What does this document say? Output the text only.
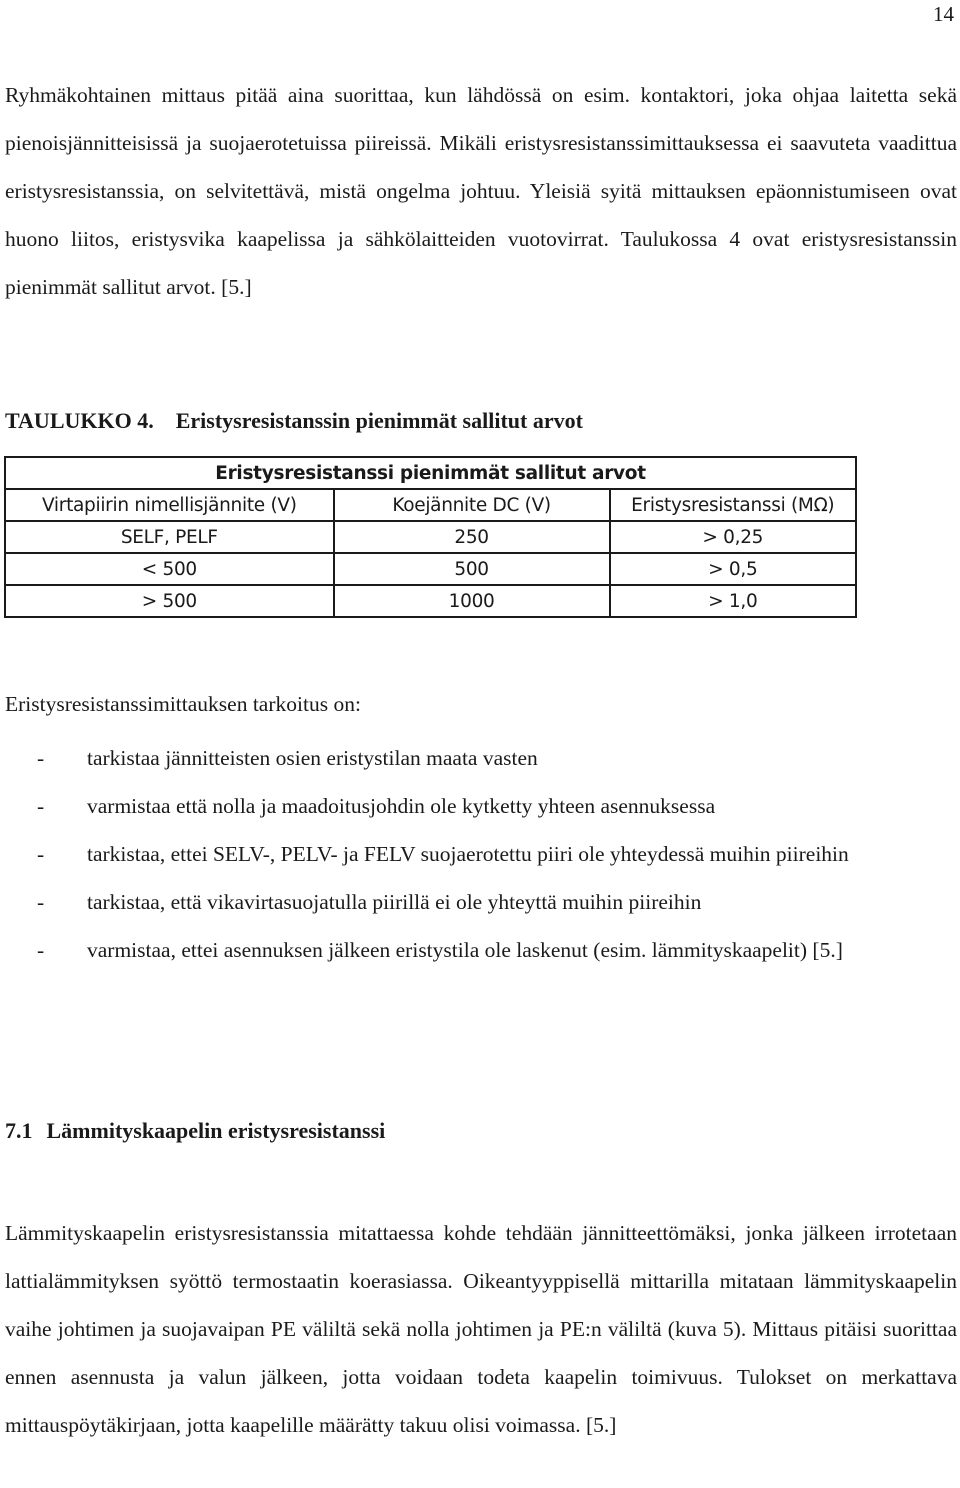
14

Ryhmäkohtainen mittaus pitää aina suorittaa, kun lähdössä on esim. kontaktori, joka ohjaa laitetta sekä pienoisjännitteisissä ja suojaerotetuissa piireissä. Mikäli eristysresistanssimittauksessa ei saavuteta vaadittua eristysresistanssia, on selvitettävä, mistä ongelma johtuu. Yleisiä syitä mittauksen epäonnistumiseen ovat huono liitos, eristysvika kaapelissa ja sähkölaitteiden vuotovirrat. Taulukossa 4 ovat eristysresistanssin pienimmät sallitut arvot. [5.]

TAULUKKO 4. Eristysresistanssin pienimmät sallitut arvot
Eristysresistanssi pienimmät sallitut arvot		
Virtapiirin nimellisjännite (V)	Koejännite DC (V)	Eristysresistanssi (MΩ)
SELF, PELF	250	> 0,25
< 500	500	> 0,5
> 500	1000	> 1,0
Eristysresistanssimittauksen tarkoitus on:
- tarkistaa jännitteisten osien eristystilan maata vasten
- varmistaa että nolla ja maadoitusjohdin ole kytketty yhteen asennuksessa
- tarkistaa, ettei SELV-, PELV- ja FELV suojaerotettu piiri ole yhteydessä muihin piireihin
- tarkistaa, että vikavirtasuojatulla piirillä ei ole yhteyttä muihin piireihin
- varmistaa, ettei asennuksen jälkeen eristystila ole laskenut (esim. lämmityskaapelit) [5.]
7.1 Lämmityskaapelin eristysresistanssi

Lämmityskaapelin eristysresistanssia mitattaessa kohde tehdään jännitteettömäksi, jonka jälkeen irrotetaan lattialämmityksen syöttö termostaatin koerasiassa. Oikeantyyppisellä mittarilla mitataan lämmityskaapelin vaihe johtimen ja suojavaipan PE väliltä sekä nolla johtimen ja PE:n väliltä (kuva 5). Mittaus pitäisi suorittaa ennen asennusta ja valun jälkeen, jotta voidaan todeta kaapelin toimivuus. Tulokset on merkattava mittauspöytäkirjaan, jotta kaapelille määrätty takuu olisi voimassa. [5.]
